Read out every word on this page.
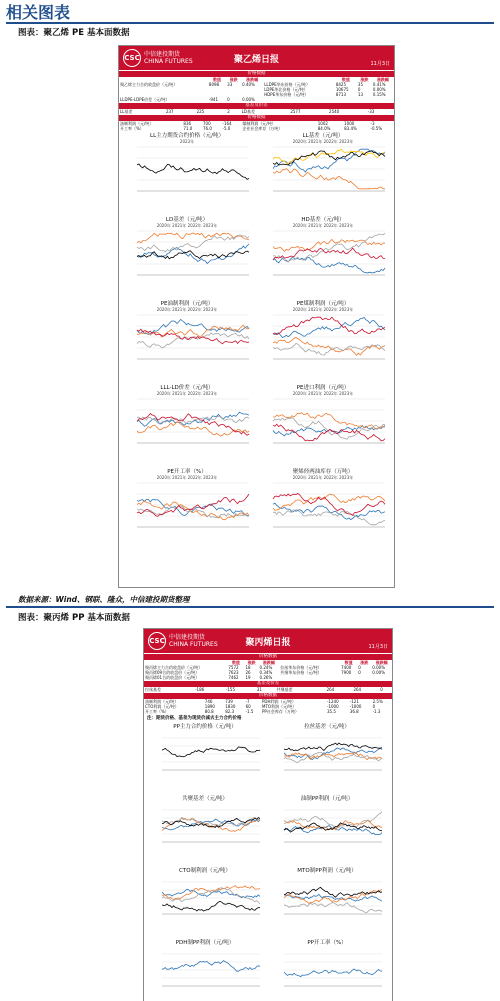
相关图表
图表：聚乙烯 PE 基本面数据
CSC 中信建投期货
CHINA FUTURES	聚乙烯日报	11月3日
价格数据
	数值	涨跌	涨跌幅		数值	涨跌	涨跌幅
聚乙烯主力合约收盘价（元/吨）	8098	33	0.40%	LLDPE华东价格（元/吨）	8425	35	0.41%
				LDPE华北价格（元/吨）	10675	0	0.00%
				HDPE华东价格（元/吨）	8713	13	0.15%
LLDPE-LDPE价差（元/吨）	-941	0	0.00%				
基差及价差
LL基差	237	225	2	LD基差	2577	2540	-33
价格数据
油制利润（元/吨）	836	700	-164	煤制利润（元/吨）	1002	1000	-3
开工率（%）	71.0	76.0	-5.0	企业社会库存（万吨）	84.0%	83.4%	-0.5%
LL主力期货合约价格（元/吨）
2023年
LL基差（元/吨）
2020年 2021年 2022年 2023年
LD基差（元/吨）
2020年 2021年 2022年 2023年
HD基差（元/吨）
2020年 2021年 2022年 2023年
PE油制利润（元/吨）
2020年 2021年 2022年 2023年
PE煤制利润（元/吨）
2020年 2021年 2022年 2023年
LLL-LD价差（元/吨）
2020年 2021年 2022年 2023年
PE进口利润（元/吨）
2020年 2021年 2022年 2023年
PE开工率（%）
2020年 2021年 2022年 2023年
聚烯烃两油库存（万吨）
2020年 2021年 2022年 2023年
数据来源：Wind、钢联、隆众，中信建投期货整理
图表：聚丙烯 PP 基本面数据
CSC 中信建投期货
CHINA FUTURES	聚丙烯日报	11月3日
价格数据
	数值	涨跌	涨跌幅		数值	涨跌	涨跌幅
聚丙烯主力合约收盘价（元/吨）	7572	18	0.24%	拉丝华东价格（元/吨）	7400	0	0.00%
聚丙烯09合约收盘价（元/吨）	7623	26	0.34%	共聚华东价格（元/吨）	7900	0	0.00%
聚丙烯01合约收盘价（元/吨）	7462	19	0.26%				
基差及价差
拉丝基差	-186	-155	31	共聚基差	264	264	0
价格数据
油制利润（元/吨）	746	739	-7	PDH利润（元/吨）	-1240	-121	2.5%
CTO利润（元/吨）	1890	1830	60	MTO利润（元/吨）	-1000	-1000	0
开工率（%）	80.8	82.3	-1.5	PP社会库存（万吨）	35.5	36.8	-1.3
注：期货价格、基差为现货价减去主力合约价格
PP主力合约价格（元/吨）	拉丝基差（元/吨）
共聚基差（元/吨）	油制PP利润（元/吨）
CTO制利润（元/吨）	MTO制PP利润（元/吨）
PDH制PP利润（元/吨）	PP开工率（%）
